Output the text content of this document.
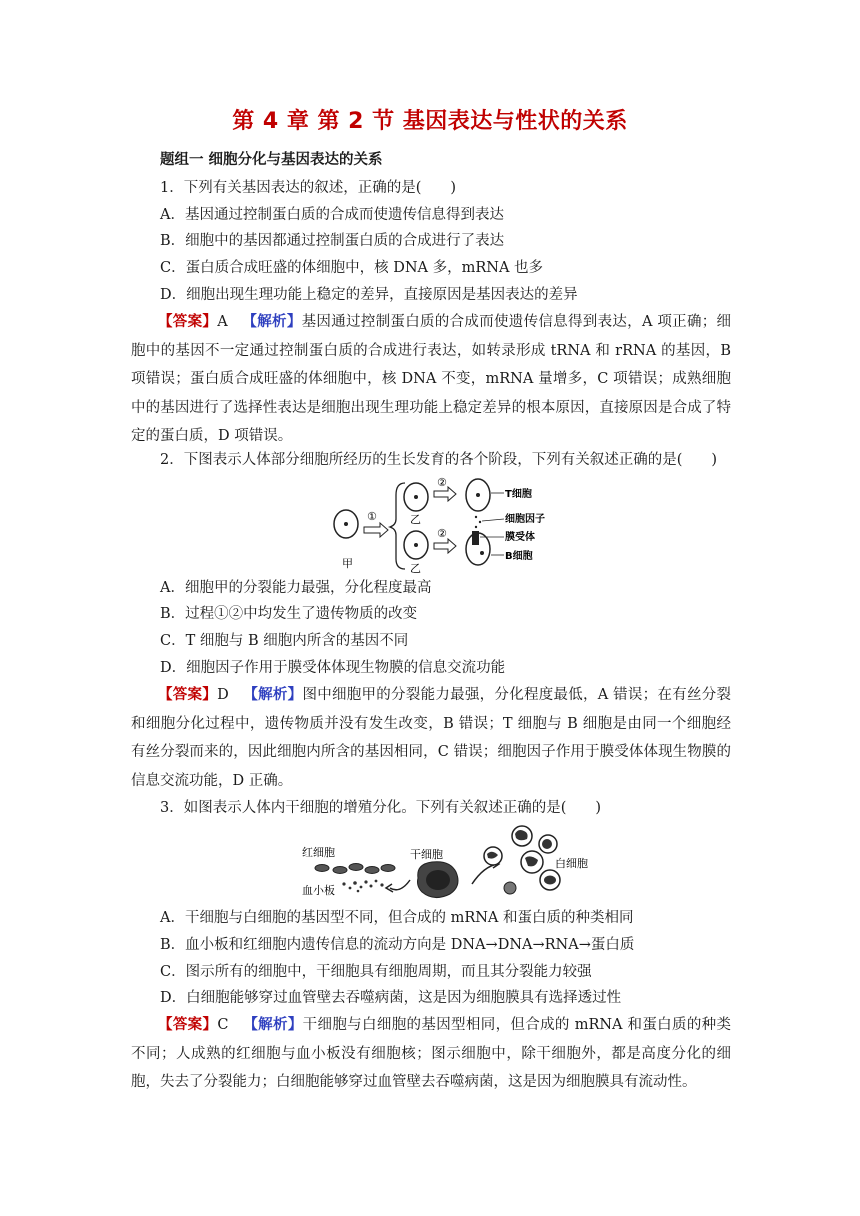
第 4 章 第 2 节 基因表达与性状的关系
题组一 细胞分化与基因表达的关系
1．下列有关基因表达的叙述，正确的是(　　)
A．基因通过控制蛋白质的合成而使遗传信息得到表达
B．细胞中的基因都通过控制蛋白质的合成进行了表达
C．蛋白质合成旺盛的体细胞中，核 DNA 多，mRNA 也多
D．细胞出现生理功能上稳定的差异，直接原因是基因表达的差异
【答案】A 【解析】基因通过控制蛋白质的合成而使遗传信息得到表达，A 项正确；细胞中的基因不一定通过控制蛋白质的合成进行表达，如转录形成 tRNA 和 rRNA 的基因，B 项错误；蛋白质合成旺盛的体细胞中，核 DNA 不变，mRNA 量增多，C 项错误；成熟细胞中的基因进行了选择性表达是细胞出现生理功能上稳定差异的根本原因，直接原因是合成了特定的蛋白质，D 项错误。
2．下图表示人体部分细胞所经历的生长发育的各个阶段，下列有关叙述正确的是(　　)
甲
①	乙
②
T细胞
细胞因子
乙
②	膜受体
B细胞
A．细胞甲的分裂能力最强，分化程度最高
B．过程①②中均发生了遗传物质的改变
C．T 细胞与 B 细胞内所含的基因不同
D．细胞因子作用于膜受体体现生物膜的信息交流功能
【答案】D 【解析】图中细胞甲的分裂能力最强，分化程度最低，A 错误；在有丝分裂和细胞分化过程中，遗传物质并没有发生改变，B 错误；T 细胞与 B 细胞是由同一个细胞经有丝分裂而来的，因此细胞内所含的基因相同，C 错误；细胞因子作用于膜受体体现生物膜的信息交流功能，D 正确。
3．如图表示人体内干细胞的增殖分化。下列有关叙述正确的是(　　)
红细胞	干细胞
血小板
白细胞
A．干细胞与白细胞的基因型不同，但合成的 mRNA 和蛋白质的种类相同
B．血小板和红细胞内遗传信息的流动方向是 DNA→DNA→RNA→蛋白质
C．图示所有的细胞中，干细胞具有细胞周期，而且其分裂能力较强
D．白细胞能够穿过血管壁去吞噬病菌，这是因为细胞膜具有选择透过性
【答案】C 【解析】干细胞与白细胞的基因型相同，但合成的 mRNA 和蛋白质的种类不同；人成熟的红细胞与血小板没有细胞核；图示细胞中，除干细胞外，都是高度分化的细胞，失去了分裂能力；白细胞能够穿过血管壁去吞噬病菌，这是因为细胞膜具有流动性。
